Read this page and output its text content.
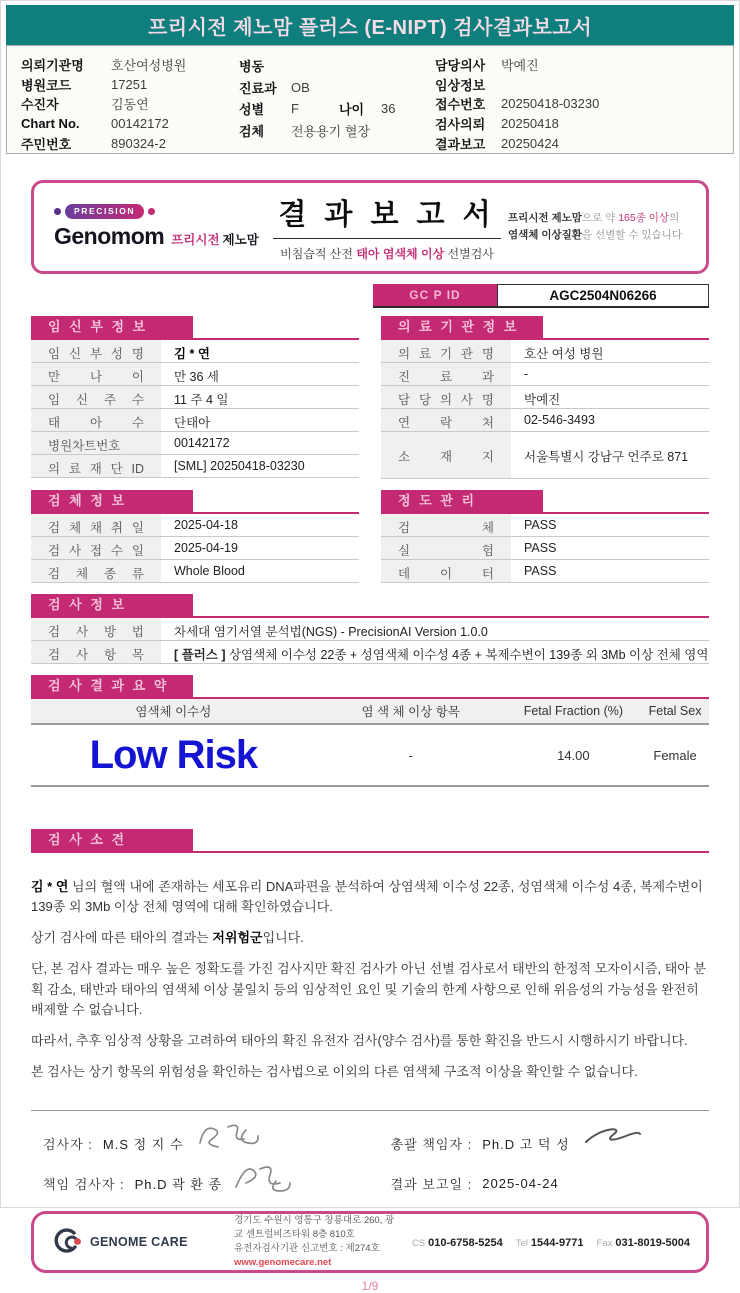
프리시전 제노맘 플러스 (E-NIPT) 검사결과보고서
의뢰기관명	호산여성병원
병원코드	17251
수진자	김동연
Chart No.	00142172
주민번호	890324-2
병동
진료과	OB
성별	F	나이	36
검체	전용용기 혈장
담당의사	박예진
임상정보
접수번호	20250418-03230
검사의뢰	20250418
결과보고	20250424
PRECISION
Genomom 프리시전 제노맘
결 과 보 고 서
비침습적 산전 태아 염색체 이상 선별검사
프리시전 제노맘으로 약 165종 이상의
염색체 이상질환을 선별할 수 있습니다
GC P ID	AGC2504N06266
임 신 부 정 보
임 신 부 성 명	김 * 연
만 나 이	만 36 세
임 신 주 수	11 주 4 일
태 아 수	단태아
병원차트번호	00142172
의 료 재 단 ID	[SML] 20250418-03230
의 료 기 관 정 보
의 료 기 관 명	호산 여성 병원
진 료 과	-
담 당 의 사 명	박예진
연 락 처	02-546-3493
소 재 지	서울특별시 강남구 언주로 871
검 체 정 보
검 체 채 취 일	2025-04-18
검 사 접 수 일	2025-04-19
검 체 종 류	Whole Blood
정 도 관 리
검 체	PASS
실 험	PASS
데 이 터	PASS
검 사 정 보
검 사 방 법	차세대 염기서열 분석법(NGS) - PrecisionAI Version 1.0.0
검 사 항 목	[ 플러스 ] 상염색체 이수성 22종 + 성염색체 이수성 4종 + 복제수변이 139종 외 3Mb 이상 전체 영역
검 사 결 과 요 약
염색체 이수성	염 색 체 이상 항목	Fetal Fraction (%)	Fetal Sex
Low Risk	-	14.00	Female
검 사 소 견

김 * 연 님의 혈액 내에 존재하는 세포유리 DNA파편을 분석하여 상염색체 이수성 22종, 성염색체 이수성 4종, 복제수변이 139종 외 3Mb 이상 전체 영역에 대해 확인하였습니다.

상기 검사에 따른 태아의 결과는 저위험군입니다.

단, 본 검사 결과는 매우 높은 정확도를 가진 검사지만 확진 검사가 아닌 선별 검사로서 태반의 한정적 모자이시즘, 태아 분획 감소, 태반과 태아의 염색체 이상 불일치 등의 임상적인 요인 및 기술의 한계 사항으로 인해 위음성의 가능성을 완전히 배제할 수 없습니다.

따라서, 추후 임상적 상황을 고려하여 태아의 확진 유전자 검사(양수 검사)를 통한 확진을 반드시 시행하시기 바랍니다.

본 검사는 상기 항목의 위험성을 확인하는 검사법으로 이외의 다른 염색체 구조적 이상을 확인할 수 없습니다.

검사자 : M.S 정 지 수
책임 검사자 : Ph.D 곽 환 종
총괄 책임자 : Ph.D 고 덕 성
결과 보고일 : 2025-04-24
GENOME CARE
경기도 수원시 영통구 창룡대로 260, 광교 센트럴비즈타워 8층 810호
유전자검사기관 신고번호 : 제274호
www.genomecare.net
CS 010-6758-5254 Tel 1544-9771 Fax 031-8019-5004
1/9
